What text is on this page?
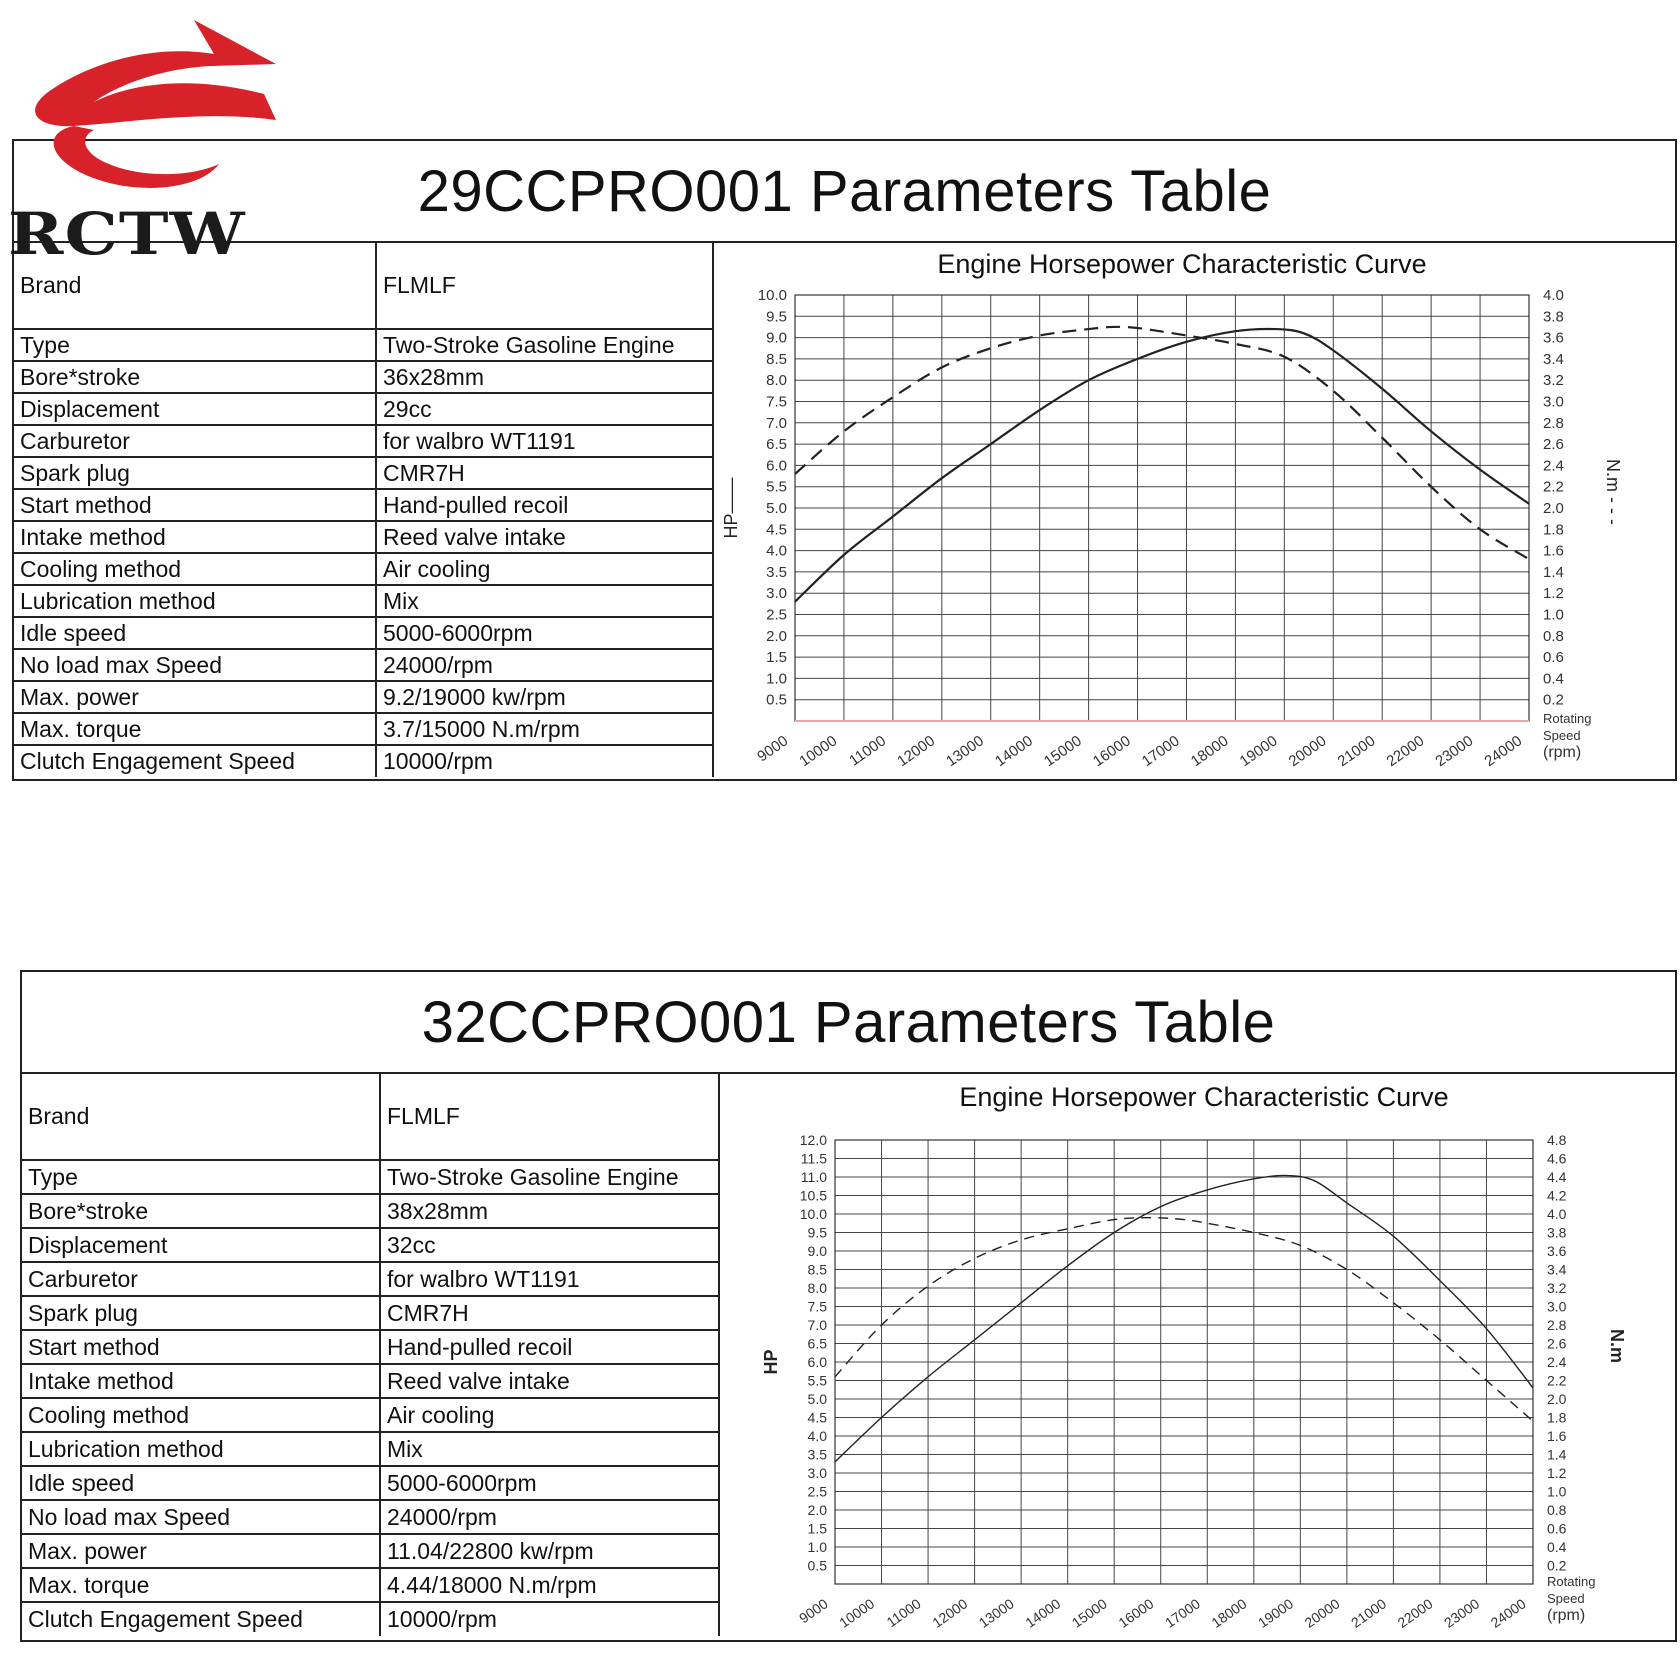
RCTW
29CCPRO001 Parameters Table
Brand	FLMLF
Type	Two-Stroke Gasoline Engine
Bore*stroke	36x28mm
Displacement	29cc
Carburetor	for walbro WT1191
Spark plug	CMR7H
Start method	Hand-pulled recoil
Intake method	Reed valve intake
Cooling method	Air cooling
Lubrication method	Mix
Idle speed	5000-6000rpm
No load max Speed	24000/rpm
Max. power	9.2/19000 kw/rpm
Max. torque	3.7/15000 N.m/rpm
Clutch Engagement Speed	10000/rpm
Engine Horsepower Characteristic Curve
0.5
1.0
1.5
2.0
2.5
3.0
3.5
4.0
4.5
5.0
5.5
6.0
6.5
7.0
7.5
8.0
8.5
9.0
9.5
10.0
0.2
0.4
0.6
0.8
1.0
1.2
1.4
1.6
1.8
2.0
2.2
2.4
2.6
2.8
3.0
3.2
3.4
3.6
3.8
4.0
9000 10000 11000 12000 13000 14000 15000 16000 17000 18000 19000 20000 21000 22000 23000 24000
Rotating
Speed
(rpm)
HP——	N.m - - -
32CCPRO001 Parameters Table
Brand	FLMLF
Type	Two-Stroke Gasoline Engine
Bore*stroke	38x28mm
Displacement	32cc
Carburetor	for walbro WT1191
Spark plug	CMR7H
Start method	Hand-pulled recoil
Intake method	Reed valve intake
Cooling method	Air cooling
Lubrication method	Mix
Idle speed	5000-6000rpm
No load max Speed	24000/rpm
Max. power	11.04/22800 kw/rpm
Max. torque	4.44/18000 N.m/rpm
Clutch Engagement Speed	10000/rpm
Engine Horsepower Characteristic Curve
0.5
1.0
1.5
2.0
2.5
3.0
3.5
4.0
4.5
5.0
5.5
6.0
6.5
7.0
7.5
8.0
8.5
9.0
9.5
10.0
10.5
11.0
11.5
12.0
0.2
0.4
0.6
0.8
1.0
1.2
1.4
1.6
1.8
2.0
2.2
2.4
2.6
2.8
3.0
3.2
3.4
3.6
3.8
4.0
4.2
4.4
4.6
4.8
9000 10000 11000 12000 13000 14000 15000 16000 17000 18000 19000 20000 21000 22000 23000 24000
Rotating
Speed
(rpm)
HP	N.m
